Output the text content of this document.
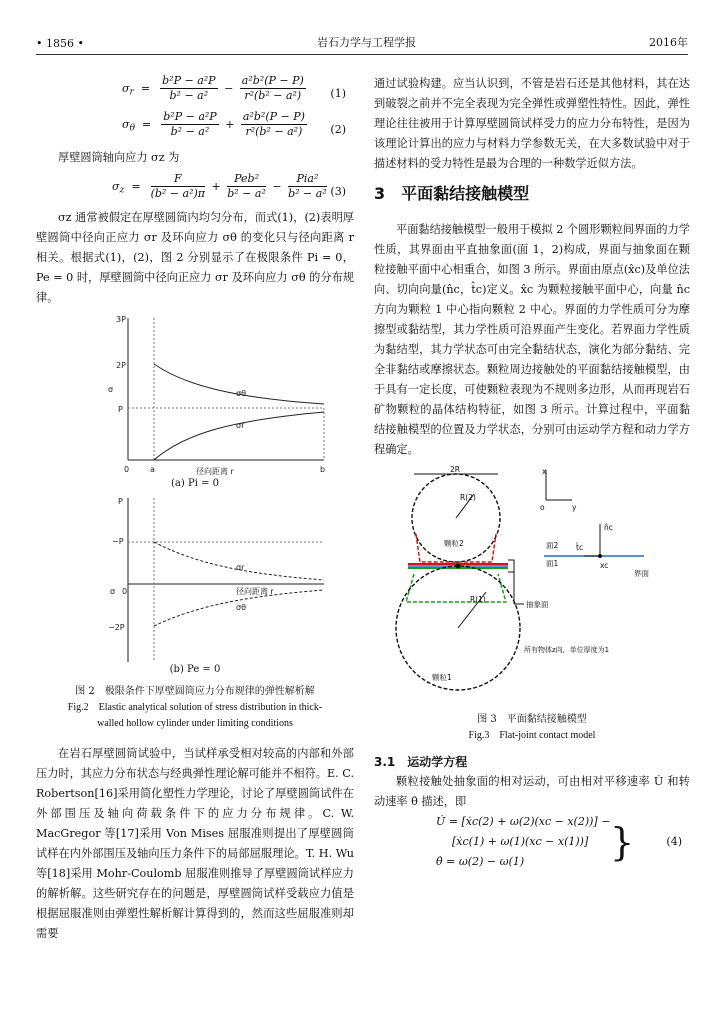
• 1856 •	岩石力学与工程学报	2016年
$\sigma_r = \frac{\text{b²P − a²P}}{\text{b² − a²}} - \frac{\text{a²b²(P − P)}}{\text{r²(b² − a²)}} (1)$
$\sigma_\theta = \frac{\text{b²P − a²P}}{\text{b² − a²}} + \frac{\text{a²b²(P − P)}}{\text{r²(b² − a²)}} (2)$

厚壁圆筒轴向应力 σz 为

$\sigma_z = \frac{F}{\text{(b² − a²)π}} + \frac{\text{Peb²}}{\text{b² − a²}} - \frac{\text{Pia²}}{\text{b² − a²}} (3)$

σz 通常被假定在厚壁圆筒内均匀分布，而式(1)，(2)表明厚壁圆筒中径向正应力 σr 及环向应力 σθ 的变化只与径向距离 r 相关。根据式(1)，(2)，图 2 分别显示了在极限条件 Pi = 0，Pe = 0 时，厚壁圆筒中径向正应力 σr 及环向应力 σθ 的分布规律。

3P
2P
P
σ
0	a	b
径向距离 r
σθ
σr
(a) Pi = 0
P
−P
−2P
σ 0	径向距离 r
σr
σθ
(b) Pe = 0
图 2　极限条件下厚壁圆筒应力分布规律的弹性解析解
Fig.2　Elastic analytical solution of stress distribution in thick-
walled hollow cylinder under limiting conditions

在岩石厚壁圆筒试验中，当试样承受相对较高的内部和外部压力时，其应力分布状态与经典弹性理论解可能并不相符。E. C. Robertson[16]采用简化塑性力学理论，讨论了厚壁圆筒试件在外部围压及轴向荷载条件下的应力分布规律。C. W. MacGregor 等[17]采用 Von Mises 屈服准则提出了厚壁圆筒试样在内外部围压及轴向压力条件下的局部屈服理论。T. H. Wu 等[18]采用 Mohr-Coulomb 屈服准则推导了厚壁圆筒试样应力的解析解。这些研究存在的问题是，厚壁圆筒试样受载应力值是根据屈服准则由弹塑性解析解计算得到的，然而这些屈服准则却需要

通过试验构建。应当认识到，不管是岩石还是其他材料，其在达到破裂之前并不完全表现为完全弹性或弹塑性特性。因此，弹性理论往往被用于计算厚壁圆筒试样受力的应力分布特性，是因为该理论计算出的应力与材料力学参数无关，在大多数试验中对于描述材料的受力特性是最为合理的一种数学近似方法。

3　平面黏结接触模型

平面黏结接触模型一般用于模拟 2 个圆形颗粒间界面的力学性质，其界面由平直抽象面(面 1，2)构成，界面与抽象面在颗粒接触平面中心相重合，如图 3 所示。界面由原点(x̂c)及单位法向、切向向量(n̂c，t̂c)定义。x̂c 为颗粒接触平面中心，向量 n̂c 方向为颗粒 1 中心指向颗粒 2 中心。界面的力学性质可分为摩擦型或黏结型，其力学性质可沿界面产生变化。若界面力学性质为黏结型，其力学状态可由完全黏结状态，演化为部分黏结、完全非黏结或摩擦状态。颗粒周边接触处的平面黏结接触模型，由于具有一定长度，可使颗粒表现为不规则多边形，从而再现岩石矿物颗粒的晶体结构特征，如图 3 所示。计算过程中，平面黏结接触模型的位置及力学状态，分别可由运动学方程和动力学方程确定。

2R̄
R(2)
颗粒2
R(1)
颗粒1
抽象面
所有物体z向，单位厚度为1
x
y
o
n̂c
t̂c
xc
面2
面1
界面
图 3　平面黏结接触模型
Fig.3　Flat-joint contact model
3.1　运动学方程

颗粒接触处抽象面的相对运动，可由相对平移速率 U̇ 和转动速率 θ̇ 描述，即

U̇ = [ẋc(2) + ω(2)(xc − x(2))] −
[ẋc(1) + ω(1)(xc − x(1))]
θ̇ = ω(2) − ω(1) }	(4)
